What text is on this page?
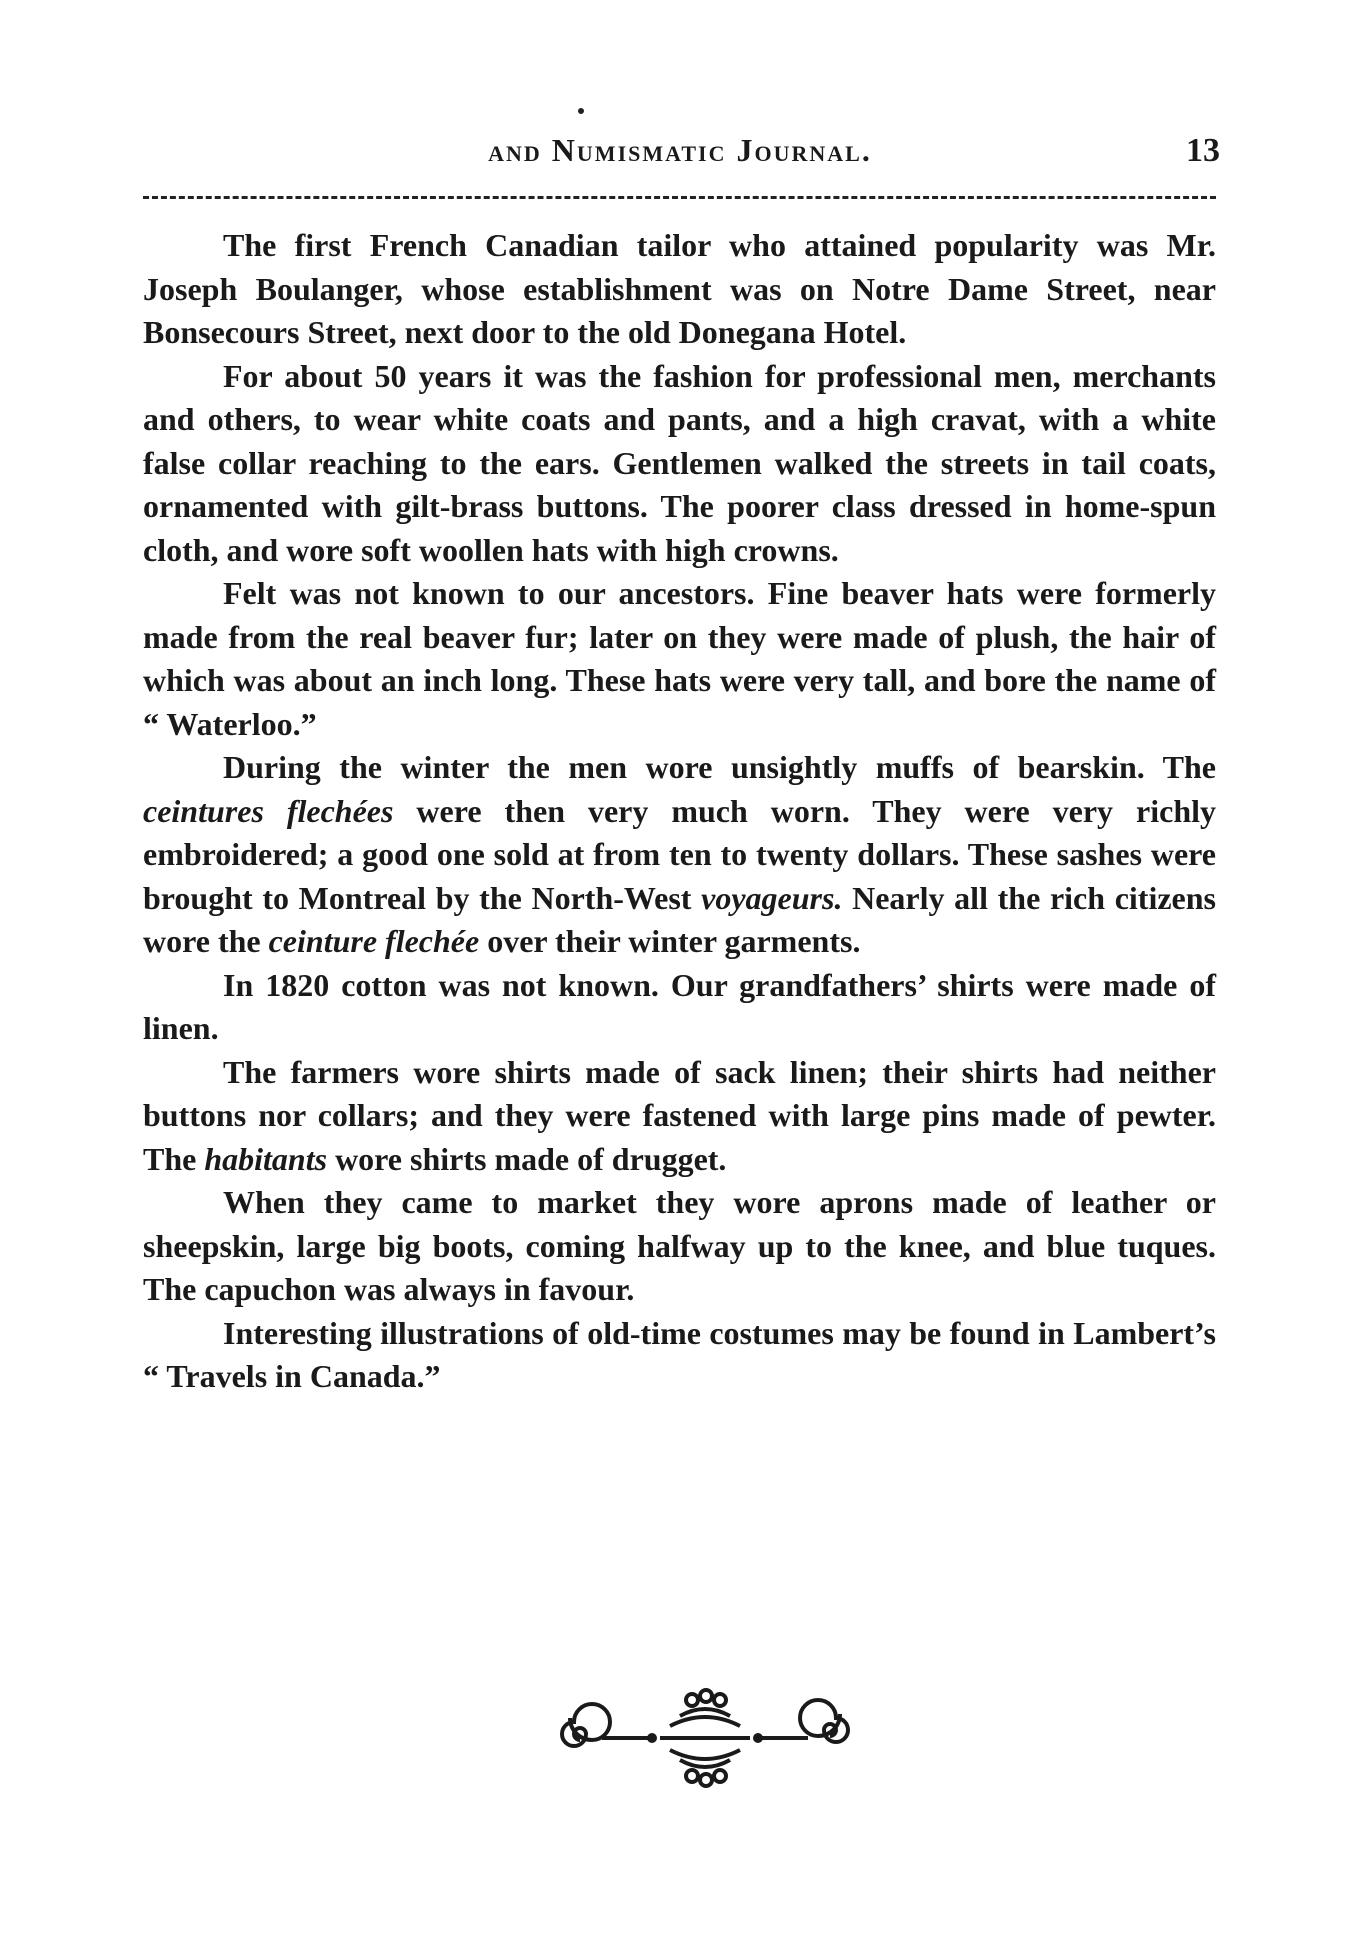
and Numismatic Journal.	13

The first French Canadian tailor who attained popularity was Mr. Joseph Boulanger, whose establishment was on Notre Dame Street, near Bonsecours Street, next door to the old Donegana Hotel.

For about 50 years it was the fashion for professional men, merchants and others, to wear white coats and pants, and a high cravat, with a white false collar reaching to the ears. Gentlemen walked the streets in tail coats, ornamented with gilt-brass buttons. The poorer class dressed in home-spun cloth, and wore soft woollen hats with high crowns.

Felt was not known to our ancestors. Fine beaver hats were formerly made from the real beaver fur; later on they were made of plush, the hair of which was about an inch long. These hats were very tall, and bore the name of “ Waterloo.”

During the winter the men wore unsightly muffs of bearskin. The ceintures flechées were then very much worn. They were very richly embroidered; a good one sold at from ten to twenty dollars. These sashes were brought to Montreal by the North-West voyageurs. Nearly all the rich citizens wore the ceinture flechée over their winter garments.

In 1820 cotton was not known. Our grandfathers’ shirts were made of linen.

The farmers wore shirts made of sack linen; their shirts had neither buttons nor collars; and they were fastened with large pins made of pewter. The habitants wore shirts made of drugget.

When they came to market they wore aprons made of leather or sheepskin, large big boots, coming halfway up to the knee, and blue tuques. The capuchon was always in favour.

Interesting illustrations of old-time costumes may be found in Lambert’s “ Travels in Canada.”
